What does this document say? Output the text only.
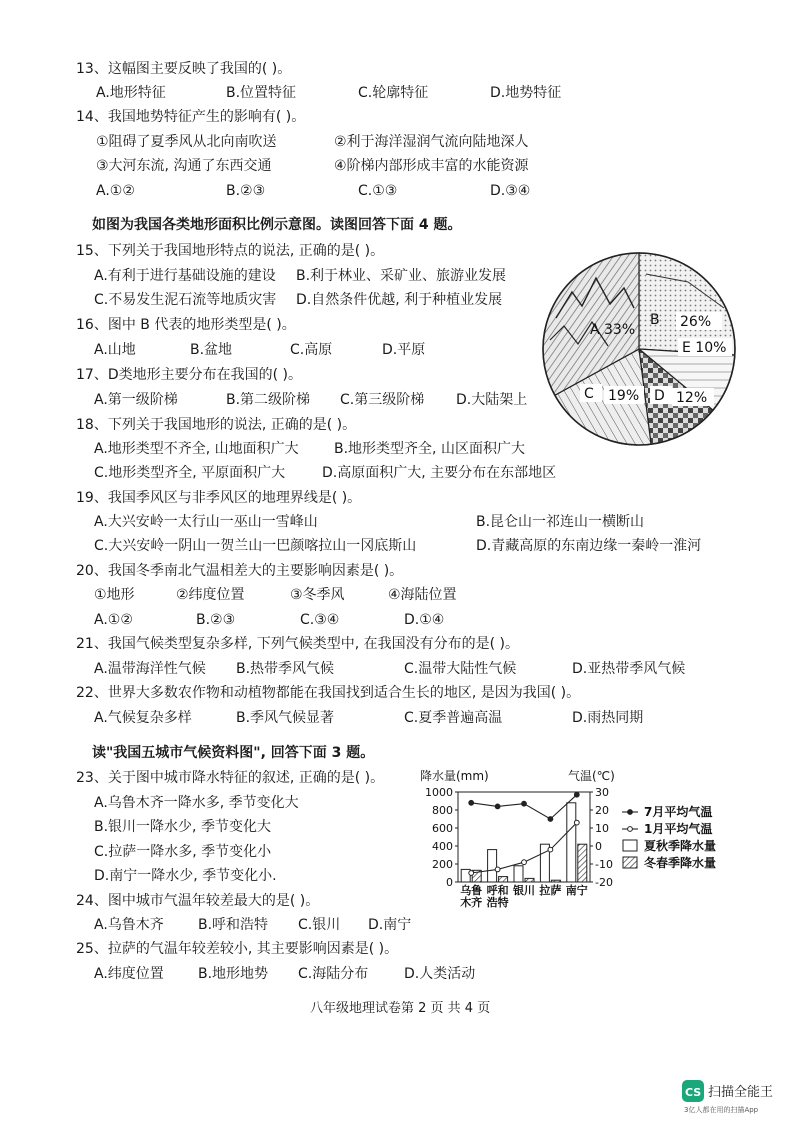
13、这幅图主要反映了我国的( )。
A.地形特征	B.位置特征	C.轮廓特征	D.地势特征
14、我国地势特征产生的影响有( )。
①阻碍了夏季风从北向南吹送	②利于海洋湿润气流向陆地深人
③大河东流, 沟通了东西交通	④阶梯内部形成丰富的水能资源
A.①②	B.②③	C.①③	D.③④
如图为我国各类地形面积比例示意图。读图回答下面 4 题。
15、下列关于我国地形特点的说法, 正确的是( )。
A.有利于进行基础设施的建设 B.利于林业、采矿业、旅游业发展
C.不易发生泥石流等地质灾害 D.自然条件优越, 利于种植业发展
16、图中 B 代表的地形类型是( )。
A.山地	B.盆地	C.高原	D.平原
17、D类地形主要分布在我国的( )。
A.第一级阶梯	B.第二级阶梯 C.第三级阶梯 D.大陆架上
18、下列关于我国地形的说法, 正确的是( )。
A.地形类型不齐全, 山地面积广大	B.地形类型齐全, 山区面积广大
C.地形类型齐全, 平原面积广大	D.高原面积广大, 主要分布在东部地区
19、我国季风区与非季风区的地理界线是( )。
A.大兴安岭一太行山一巫山一雪峰山	B.昆仑山一祁连山一横断山
C.大兴安岭一阴山一贺兰山一巴颜喀拉山一冈底斯山	D.青藏高原的东南边缘一秦岭一淮河
20、我国冬季南北气温相差大的主要影响因素是( )。
①地形	②纬度位置	③冬季风	④海陆位置
A.①②	B.②③	C.③④	D.①④
21、我国气候类型复杂多样, 下列气候类型中, 在我国没有分布的是( )。
A.温带海洋性气候 B.热带季风气候	C.温带大陆性气候	D.亚热带季风气候
22、世界大多数农作物和动植物都能在我国找到适合生长的地区, 是因为我国( )。
A.气候复杂多样	B.季风气候显著	C.夏季普遍高温	D.雨热同期
读"我国五城市气候资料图", 回答下面 3 题。
23、关于图中城市降水特征的叙述, 正确的是( )。
A.乌鲁木齐一降水多, 季节变化大
B.银川一降水少, 季节变化大
C.拉萨一降水多, 季节变化小
D.南宁一降水少, 季节变化小.
24、图中城市气温年较差最大的是( )。
A.乌鲁木齐 B.呼和浩特 C.银川 D.南宁
25、拉萨的气温年较差较小, 其主要影响因素是( )。
A.纬度位置 B.地形地势 C.海陆分布	D.人类活动
八年级地理试卷第 2 页 共 4 页
A 33%
B 26%
E 10%
C 19% D 12%
降水量(mm)	气温(℃)
1000
800
600
400
200
0
30
20
10
0
-10
-20
乌鲁
木齐
呼和
浩特
银川 拉萨 南宁
7月平均气温
1月平均气温
夏秋季降水量
冬春季降水量
CS 扫描全能王
3亿人都在用的扫描App
